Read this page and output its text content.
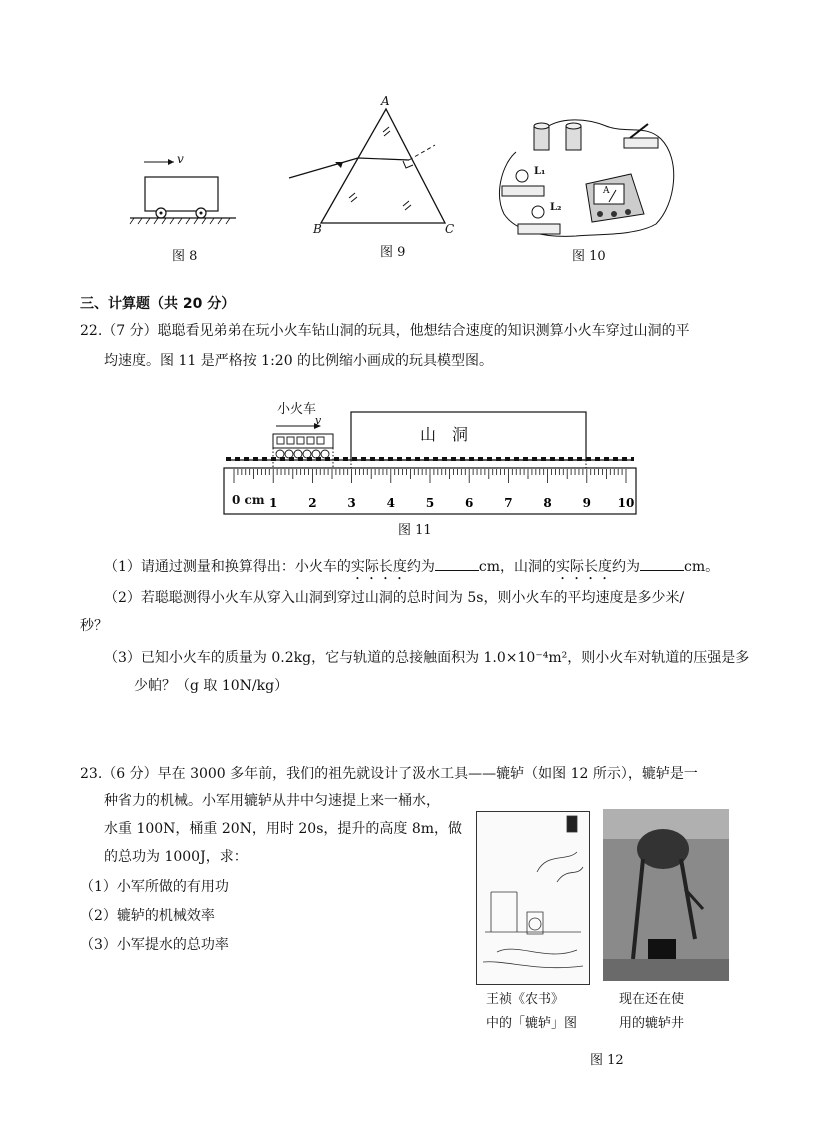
v
图 8
A
B	C
图 9
L₁
L₂
A
图 10
三、计算题（共 20 分）
22.（7 分）聪聪看见弟弟在玩小火车钻山洞的玩具，他想结合速度的知识测算小火车穿过山洞的平
均速度。图 11 是严格按 1:20 的比例缩小画成的玩具模型图。
1	2	3	4	5	6	7	8	9 10
小火车
v
山　洞
0 cm
图 11
（1）请通过测量和换算得出：小火车的实际长度约为	cm，山洞的实际长度约为	cm。
（2）若聪聪测得小火车从穿入山洞到穿过山洞的总时间为 5s，则小火车的平均速度是多少米/
秒？
（3）已知小火车的质量为 0.2kg，它与轨道的总接触面积为 1.0×10⁻⁴m²，则小火车对轨道的压强是多
少帕？（g 取 10N/kg）
23.（6 分）早在 3000 多年前，我们的祖先就设计了汲水工具——辘轳（如图 12 所示），辘轳是一
种省力的机械。小军用辘轳从井中匀速提上来一桶水，
水重 100N，桶重 20N，用时 20s，提升的高度 8m，做
的总功为 1000J，求：
（1）小军所做的有用功
（2）辘轳的机械效率
（3）小军提水的总功率
王祯《农书》
中的「辘轳」图
现在还在使
用的辘轳井
图 12
